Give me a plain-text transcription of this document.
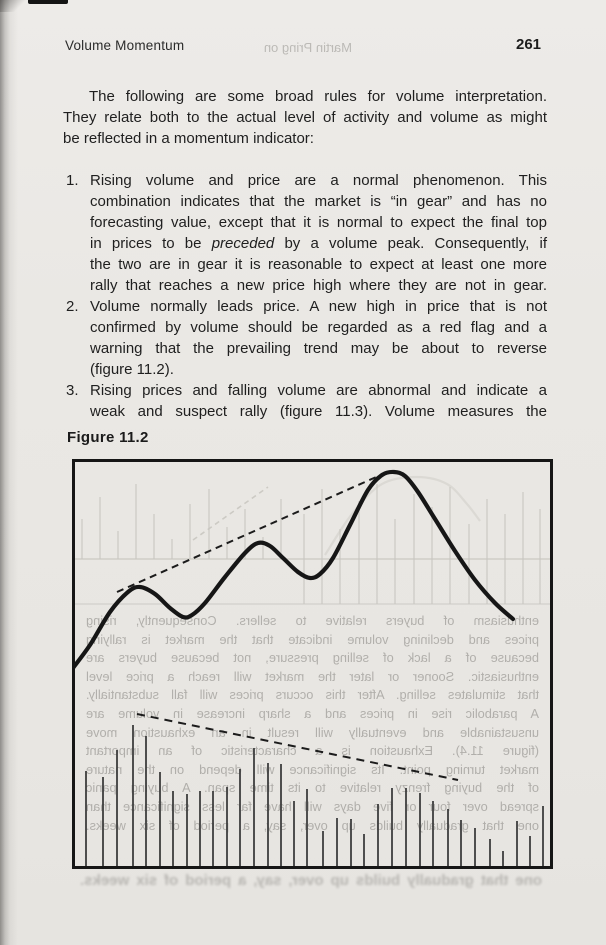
Volume Momentum	Martin Pring on	261
The following are some broad rules for volume interpretation.
They relate both to the actual level of activity and volume as might
be reflected in a momentum indicator:
1. Rising volume and price are a normal phenomenon. This
combination indicates that the market is “in gear” and has no
forecasting value, except that it is normal to expect the final top
in prices to be preceded by a volume peak. Consequently, if
the two are in gear it is reasonable to expect at least one more
rally that reaches a new price high where they are not in gear.
2. Volume normally leads price. A new high in price that is not
confirmed by volume should be regarded as a red flag and a
warning that the prevailing trend may be about to reverse
(figure 11.2).
3. Rising prices and falling volume are abnormal and indicate a
weak and suspect rally (figure 11.3). Volume measures the
Figure 11.2
enthusiasm of buyers relative to sellers. Consequently, rising
prices and declining volume indicate that the market is rallying
because of a lack of selling pressure, not because buyers are
enthusiastic. Sooner or later the market will reach a price level
that stimulates selling. After this occurs prices will fall substantially.
A parabolic rise in prices and a sharp increase in volume are
unsustainable and eventually will result in an exhaustion move
(figure 11.4). Exhaustion is a characteristic of an important
market turning point. Its significance will depend on the nature
of the buying frenzy relative to its time span. A buying panic
spread over four or five days will have far less significance than
one that gradually builds up over, say, a period of six weeks.
one that gradually builds up over, say, a period of six weeks.
